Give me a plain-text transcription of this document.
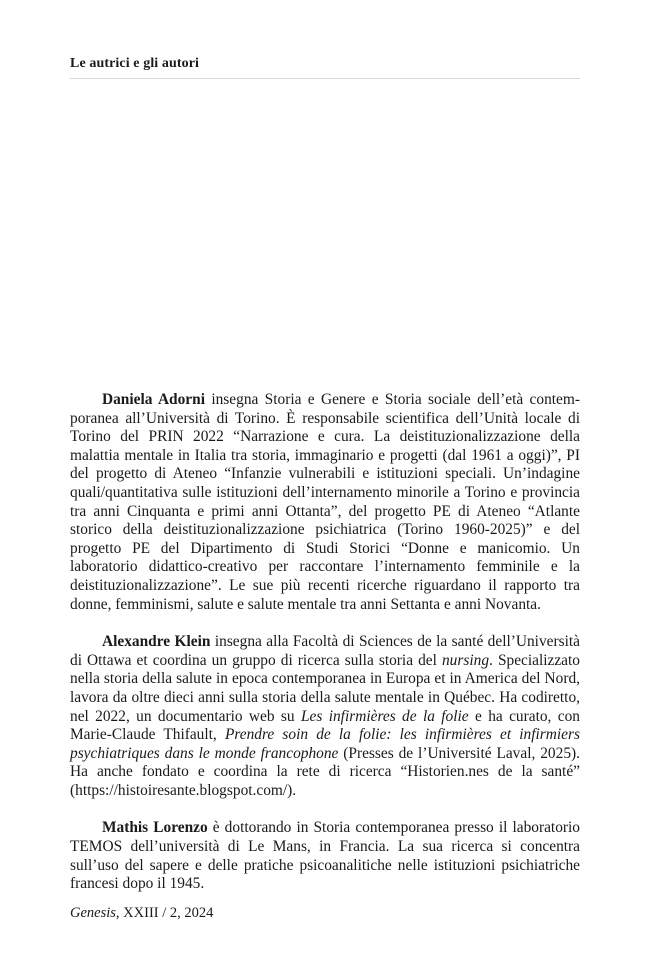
Le autrici e gli autori

Daniela Adorni insegna Storia e Genere e Storia sociale dell’età contemporanea all’Università di Torino. È responsabile scientifica dell’Unità locale di Torino del PRIN 2022 “Narrazione e cura. La deistituzionalizzazione della malattia mentale in Italia tra storia, immaginario e progetti (dal 1961 a oggi)”, PI del progetto di Ateneo “Infanzie vulnerabili e istituzioni speciali. Un’indagine quali/quantitativa sulle istituzioni dell’internamento minorile a Torino e provincia tra anni Cinquanta e primi anni Ottanta”, del progetto PE di Ateneo “Atlante storico della deistituzionalizzazione psichiatrica (Torino 1960-2025)” e del progetto PE del Dipartimento di Studi Storici “Donne e manicomio. Un laboratorio didattico-creativo per raccontare l’internamento femminile e la deistituzionalizzazione”. Le sue più recenti ricerche riguardano il rapporto tra donne, femminismi, salute e salute mentale tra anni Settanta e anni Novanta.

Alexandre Klein insegna alla Facoltà di Sciences de la santé dell’Università di Ottawa et coordina un gruppo di ricerca sulla storia del nursing. Specializzato nella storia della salute in epoca contemporanea in Europa et in America del Nord, lavora da oltre dieci anni sulla storia della salute mentale in Québec. Ha codiretto, nel 2022, un documentario web su Les infirmières de la folie e ha curato, con Marie-Claude Thifault, Prendre soin de la folie: les infirmières et infirmiers psychiatriques dans le monde francophone (Presses de l’Université Laval, 2025). Ha anche fondato e coordina la rete di ricerca “Historien.nes de la santé” (https://histoiresante.blogspot.com/).

Mathis Lorenzo è dottorando in Storia contemporanea presso il laboratorio TEMOS dell’università di Le Mans, in Francia. La sua ricerca si concentra sull’uso del sapere e delle pratiche psicoanalitiche nelle istituzioni psichiatriche francesi dopo il 1945.

Genesis, XXIII / 2, 2024
